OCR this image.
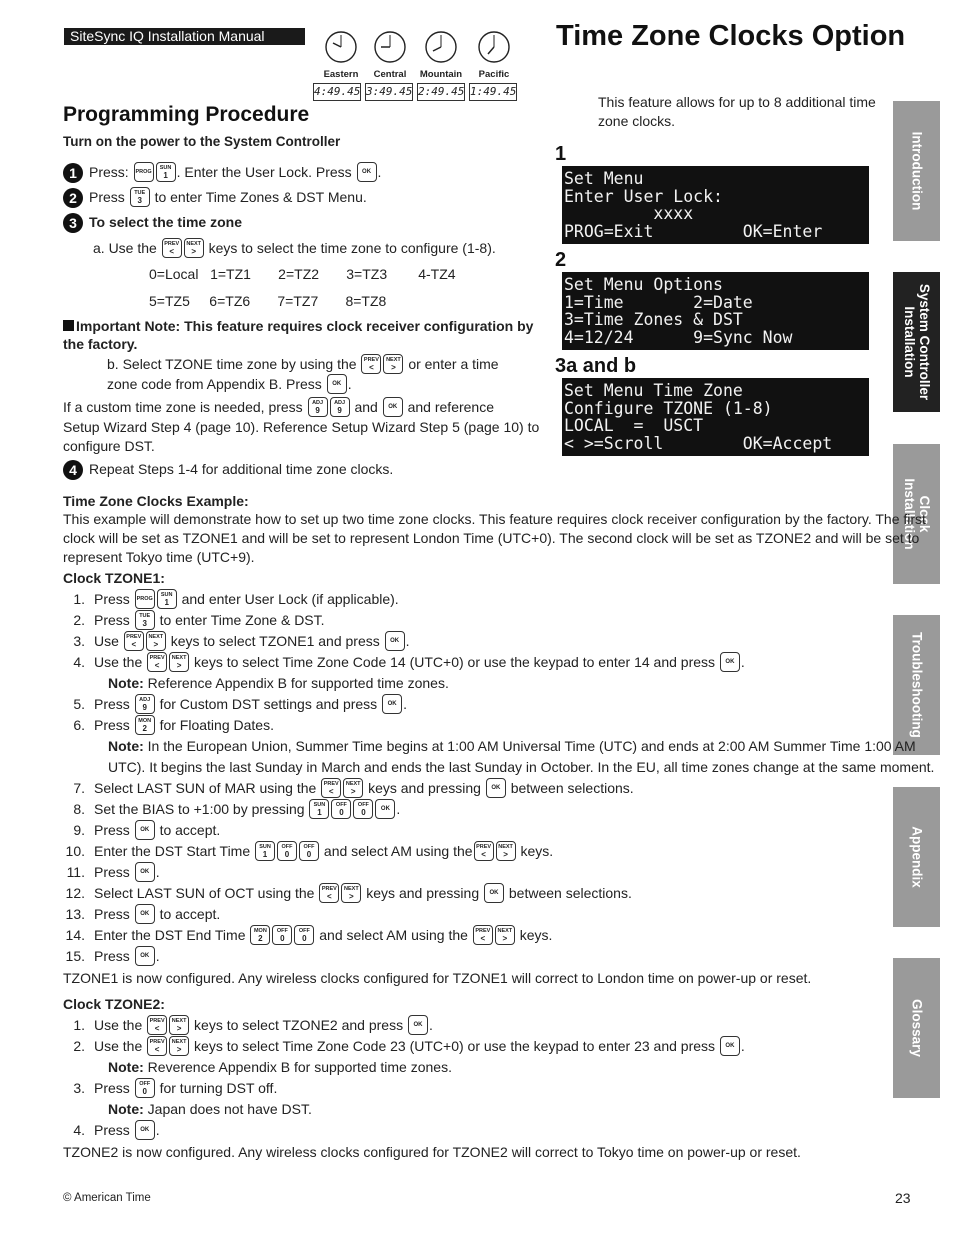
SiteSync IQ Installation Manual	Time Zone Clocks Option
Eastern	Central	Mountain	Pacific
4:49.45 3:49.45 2:49.45 1:49.45
Introduction
System Controller Installation
Clock Installation
Troubleshooting
Appendix
Glossary
Programming Procedure
Turn on the power to the System Controller
This feature allows for up to 8 additional time zone clocks.
1 Press: PROG
SUN
1 . Enter the User Lock. Press	OK .
2 Press	TUE
3 to enter Time Zones & DST Menu.
3 To select the time zone
a. Use the PREV
<
NEXT
> keys to select the time zone to configure (1-8).
0=Local   1=TZ1       2=TZ2       3=TZ3        4-TZ4
5=TZ5     6=TZ6       7=TZ7       8=TZ8
Important Note: This feature requires clock receiver configuration by
the factory.
b. Select TZONE time zone by using the PREV
<
NEXT
> or enter a time
zone code from Appendix B. Press	OK .
If a custom time zone is needed, press	ADJ
9
ADJ
9 and	OK and reference
Setup Wizard Step 4 (page 10). Reference Setup Wizard Step 5 (page 10) to
configure DST.
4 Repeat Steps 1-4 for additional time zone clocks.
1
Set Menu
Enter User Lock:
xxxx
PROG=Exit         OK=Enter
2
Set Menu Options
1=Time       2=Date
3=Time Zones & DST
4=12/24      9=Sync Now
3a and b
Set Menu Time Zone
Configure TZONE (1-8)
LOCAL  =  USCT
< >=Scroll        OK=Accept
Time Zone Clocks Example:
This example will demonstrate how to set up two time zone clocks. This feature requires clock receiver configuration by the factory. The first
clock will be set as TZONE1 and will be set to represent London Time (UTC+0). The second clock will be set as TZONE2 and will be set to
represent Tokyo time (UTC+9).
Clock TZONE1:
1. Press PROG
SUN
1 and enter User Lock (if applicable).
2. Press	TUE
3 to enter Time Zone & DST.
3. Use PREV
<
NEXT
> keys to select TZONE1 and press	OK .
4. Use the PREV
<
NEXT
> keys to select Time Zone Code 14 (UTC+0) or use the keypad to enter 14 and press	OK .
Note: Reference Appendix B for supported time zones.
5. Press	ADJ
9 for Custom DST settings and press	OK .
6. Press	MON
2 for Floating Dates.
Note: In the European Union, Summer Time begins at 1:00 AM Universal Time (UTC) and ends at 2:00 AM Summer Time 1:00 AM
UTC). It begins the last Sunday in March and ends the last Sunday in October. In the EU, all time zones change at the same moment.
7. Select LAST SUN of MAR using the PREV
<
NEXT
> keys and pressing	OK between selections.
8. Set the BIAS to +1:00 by pressing	SUN
1
OFF
0
OFF
0	OK .
9. Press	OK to accept.
10. Enter the DST Start Time	SUN
1
OFF
0
OFF
0 and select AM using the PREV
<
NEXT
> keys.
11. Press	OK .
12. Select LAST SUN of OCT using the PREV
<
NEXT
> keys and pressing	OK between selections.
13. Press	OK to accept.
14. Enter the DST End Time	MON
2
OFF
0
OFF
0 and select AM using the PREV
<
NEXT
> keys.
15. Press	OK .
TZONE1 is now configured. Any wireless clocks configured for TZONE1 will correct to London time on power-up or reset.
Clock TZONE2:
1. Use the PREV
<
NEXT
> keys to select TZONE2 and press	OK .
2. Use the PREV
<
NEXT
> keys to select Time Zone Code 23 (UTC+0) or use the keypad to enter 23 and press	OK .
Note: Reverence Appendix B for supported time zones.
3. Press	OFF
0 for turning DST off.
Note: Japan does not have DST.
4. Press	OK .
TZONE2 is now configured. Any wireless clocks configured for TZONE2 will correct to Tokyo time on power-up or reset.
© American Time	23
